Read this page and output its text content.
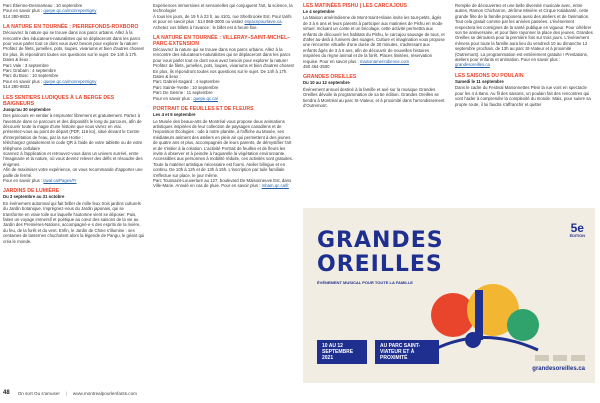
Parc Étienne-Desmarteau : 10 septembre
Pour en savoir plus : quepe.qc.ca/monrepentigny
514 280-8833
LA NATURE EN TOURNÉE : PIERREFONDS-ROXBORO
Découvrez la nature qui se trouve dans nos parcs urbains. Allez à la rencontre des éducateurs-naturalistes qui se déplaceront dans les parcs pour vous parler tout ce dont vous avez besoin pour explorer la nature! Profitez de filets, jumelles, pots, loupes, vivariums et bien d'autres choses! En plus, ils répondront toutes vos questions sur le sujet. De 14h à 17h.
Dates & lieux :
Parc Vale : 3 septembre
Parc Grabam : 4 septembre
Parc du Bosc : 10 septembre
Pour en savoir plus : quepe.qc.ca/monrepentigny
514 280-8833
LES SENTIERS LUDIQUES À LA BERGE DES BAIGNEURS
Jusqu'au 30 septembre
Des parcours en sentier à emprunter librement et gratuitement. Partez à l'aventure dans ce parcours et des dispositifs le long du parcours, afin de découvrir toute la magie d'une histoire que vous vivrez en vrai.
présentez-vous au point de départ (PDF, 116 ko), situé devant le Centre d'interprétation de l'eau, par la rue Hortie :
téléchargez gratuitement le code QR à l'aide de votre tablette ou de votre téléphone cellulaire
scannez à l'application et retrouvez-vous dans un univers surréel, entre l'imaginaire et la nature, où vous devrez relever des défis et résoudre des énigmes.
Afin de maximiser votre expérience, on vous recommande d'apporter une paille de fermé.
Pour en savoir plus : laval.ca/Pages/Fr
JARDINS DE LUMIÈRE
Du 3 septembre au 31 octobre
En événement automnal qui fait briller de mille feux trois jardins culturels du Jardin botanique. Imprégnez-vous du Jardin japonais, qui se transforme en vraie toile sur laquelle l'automne vient se déposer. Puis, faites un voyage immersif et poétique au cœur des saisons de la vie au Jardin des Premières-Nations, accompagné·e·s des esprits de la rivière, du feu, de la forêt et du vent. Enfin, le Jardin de Chine s'illumine : ses centaines de lanternes chuchotent alors la légende de Pangu, le géant qui créa le monde.
Expériences immersives et sensorielles qui conjuguent l'art, la science, la technologie!
À tous les jours, de 19 h à 23 h, au 4101, rue Sherbrooke Est. Pour tarifs et pour en savoir plus : 514 868-3000 ou visitez espacepourlavie.ca. Achetez vos billets à l'avance : le billet est à heure fixe.
LA NATURE EN TOURNÉE : VILLERAY–SAINT-MICHEL–PARC-EXTENSION
Découvrez la nature qui se trouve dans nos parcs urbains. Allez à la rencontre des éducateurs-naturalistes qui se déplaceront dans les parcs pour vous parler tout ce dont vous avez besoin pour explorer la nature! Profitez de filets, jumelles, pots, loupes, vivariums et bien d'autres choses! En plus, ils répondront toutes vos questions sur le sujet. De 14h à 17h.
Dates & lieux :
Parc Gabriel-Sagard : 4 septembre
Parc Sainte-Yvette : 10 septembre
Parc De Sienne : 11 septembre
Pour en savoir plus : quepe.qc.ca/
PORTRAIT DE FEUILLES ET DE FLEURS
Les 4 et 5 septembre
Le Musée des beaux-arts de Montréal vous propose deux animations artistiques inspirées de leur collection de paysages canadiens et de l'exposition Écologies : ode à notre planète, à l'affiche au Musée, ses médiateurs animent des ateliers en plein air qui permettent à des jeunes de quatre ans et plus, accompagnés de leurs parents, de démystifier l'art et de s'initier à la création. L'activité Portrait de feuilles et de fleurs les invite à observer et à peindre à l'aquarelle la végétation environnante. Accessibles aux personnes à mobilité réduite, ces activités sont gratuites. Toute la matériel artistique nécessaire est fourni. Atelier bilingue et en continu. De 10h à 12h et de 13h à 15h. L'inscription par tuile familiale s'effectue sur place, le jour même.
Parc Toussaint-Louverture au 127, boulevard De Maisonneuve Est, dans Ville-Marie. Annulé en cas de pluie. Pour en savoir plus : mbam.qc.ca/fr
LES MATINÉES PISHU | LES CARCAJOUS
Le 4 septembre
La Maison amérindienne de Mont-Saint-Hilaire invite les tout-petits, âgés de 3 à 6 ans et leurs parents à participer aux matinées de Pishu en mode virtuel. Incluant un conte et un bricolage, cette activité permettra aux enfants de découvrir les habitats du Pishu, le carcajou sauvage de tous, et d'aller au-delà à l'univers des nuages. Culture et imagination vous propose une rencontre virtuelle d'une durée de 30 minutes, s'adressant aux enfants âgés de 3 à 6 ans, afin de découvrir de nouvelles histoires inspirées du règne animal et de la forêt. Places limitées, réservation requise. Pour en savoir plus : maisonamerindienne.com
450 464-2500
GRANDES OREILLES
Du 10 au 12 septembre
Événement annuel destiné à la famille et axé sur la musique Grandes Oreilles dévoile la programmation de sa 5e édition. Grandes Oreilles se tiendra à Montréal au parc St-Viateur, et à proximité dans l'arrondissement d'Outremont.
Remplie de découvertes et une belle diversité musicale avec, entre autres, Ramon Chicharron, Jérôme Minière et Cirque Kalabanté, cette grande fête de la famille proposera aussi des ateliers et de l'animation. Tout cela gratuit comme par les années passées. L'événement respectera les consignes de la santé publique en vigueur. Pour célébrer son 5e anniversaire, et pour faire rayonner la place des jeunes, Grandes Oreilles se déroulera pour la première fois sur trois jours. L'événement mènera pour toute la famille aura lieu du vendredi 10 au dimanche 12 septembre prochain, de 13h au parc St-Viateur et à proximité (Outremont). La programmation est entièrement gratuite ! Prestations, ateliers pour enfants et animation. Pour en savoir plus : grandesoreilles.ca
LES SAISONS DU POULAIN
Samedi le 11 septembre
Dans le cadre du Festival Marionnettes Plein la rue vont en spectacle pour les 4 à 8ans. Au fil des saisons, un poulain fait des rencontres qui vont l'aider à comprendre la complexité du monde. Mais, pour suivre sa propre route, il lui faudra s'affranchir et quitter
GRANDES
OREILLES
ÉVÉNEMENT MUSICAL POUR TOUTE LA FAMILLE
5e
ÉDITION
10 AU 12 SEPTEMBRE 2021
AU PARC SAINT-VIATEUR ET À PROXIMITÉ
grandesoreilles.ca
48 On sort Ou s'amuse! | www.montrealpourlenfants.com
